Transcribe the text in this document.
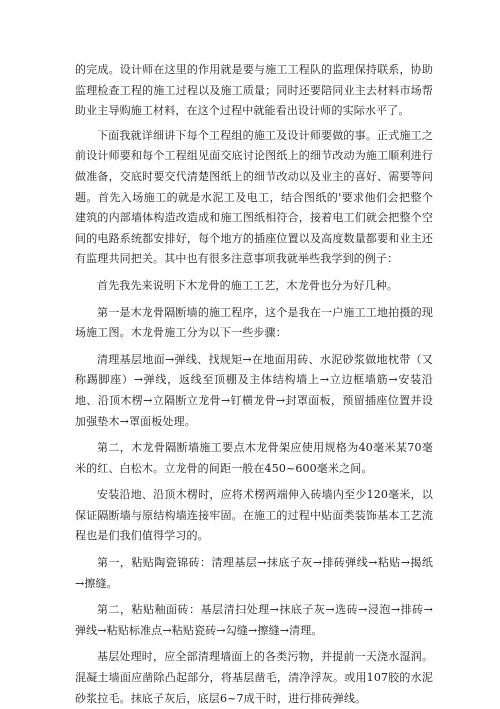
的完成。设计师在这里的作用就是要与施工工程队的监理保持联系，协助监理检查工程的施工过程以及施工质量；同时还要陪同业主去材料市场帮助业主导购施工材料，在这个过程中就能看出设计师的实际水平了。

下面我就详细讲下每个工程组的施工及设计师要做的事。正式施工之前设计师要和每个工程组见面交底讨论图纸上的细节改动为施工顺利进行做准备，交底时要交代清楚图纸上的细节改动以及业主的喜好、需要等问题。首先入场施工的就是水泥工及电工，结合图纸的'要求他们会把整个建筑的内部墙体构造改造成和施工图纸相符合，接着电工们就会把整个空间的电路系统都安排好，每个地方的插座位置以及高度数量都要和业主还有监理共同把关。其中也有很多注意事项我就举些我学到的例子：

首先我先来说明下木龙骨的施工工艺，木龙骨也分为好几种。

第一是木龙骨隔断墙的施工程序，这个是我在一户施工工地拍摄的现场施工图。木龙骨施工分为以下一些步骤：

清理基层地面→弹线、找规矩→在地面用砖、水泥砂浆做地枕带（又称踢脚座）→弹线，返线至顶棚及主体结构墙上→立边框墙筋→安装沿地、沿顶木楞→立隔断立龙骨→钉横龙骨→封罩面板，预留插座位置并设加强垫木→罩面板处理。

第二，木龙骨隔断墙施工要点木龙骨架应使用规格为40毫米某70毫米的红、白松木。立龙骨的间距一般在450~600毫米之间。

安装沿地、沿顶木楞时，应将术楞两端伸入砖墙内至少120毫米，以保证隔断墙与原结构墙连接牢固。在施工的过程中贴面类装饰基本工艺流程也是们我们值得学习的。

第一，粘贴陶瓷锦砖：清理基层→抹底子灰→排砖弹线→粘贴→揭纸→擦缝。

第二，粘贴釉面砖：基层清扫处理→抹底子灰→选砖→浸泡→排砖→弹线→粘贴标准点→粘贴瓷砖→勾缝→擦缝→清理。

基层处理时，应全部清理墙面上的各类污物，并提前一天浇水湿润。混凝土墙面应凿除凸起部分，将基层凿毛，清净浮灰。或用107胶的水泥砂浆拉毛。抹底子灰后，底层6~7成干时，进行排砖弹线。
